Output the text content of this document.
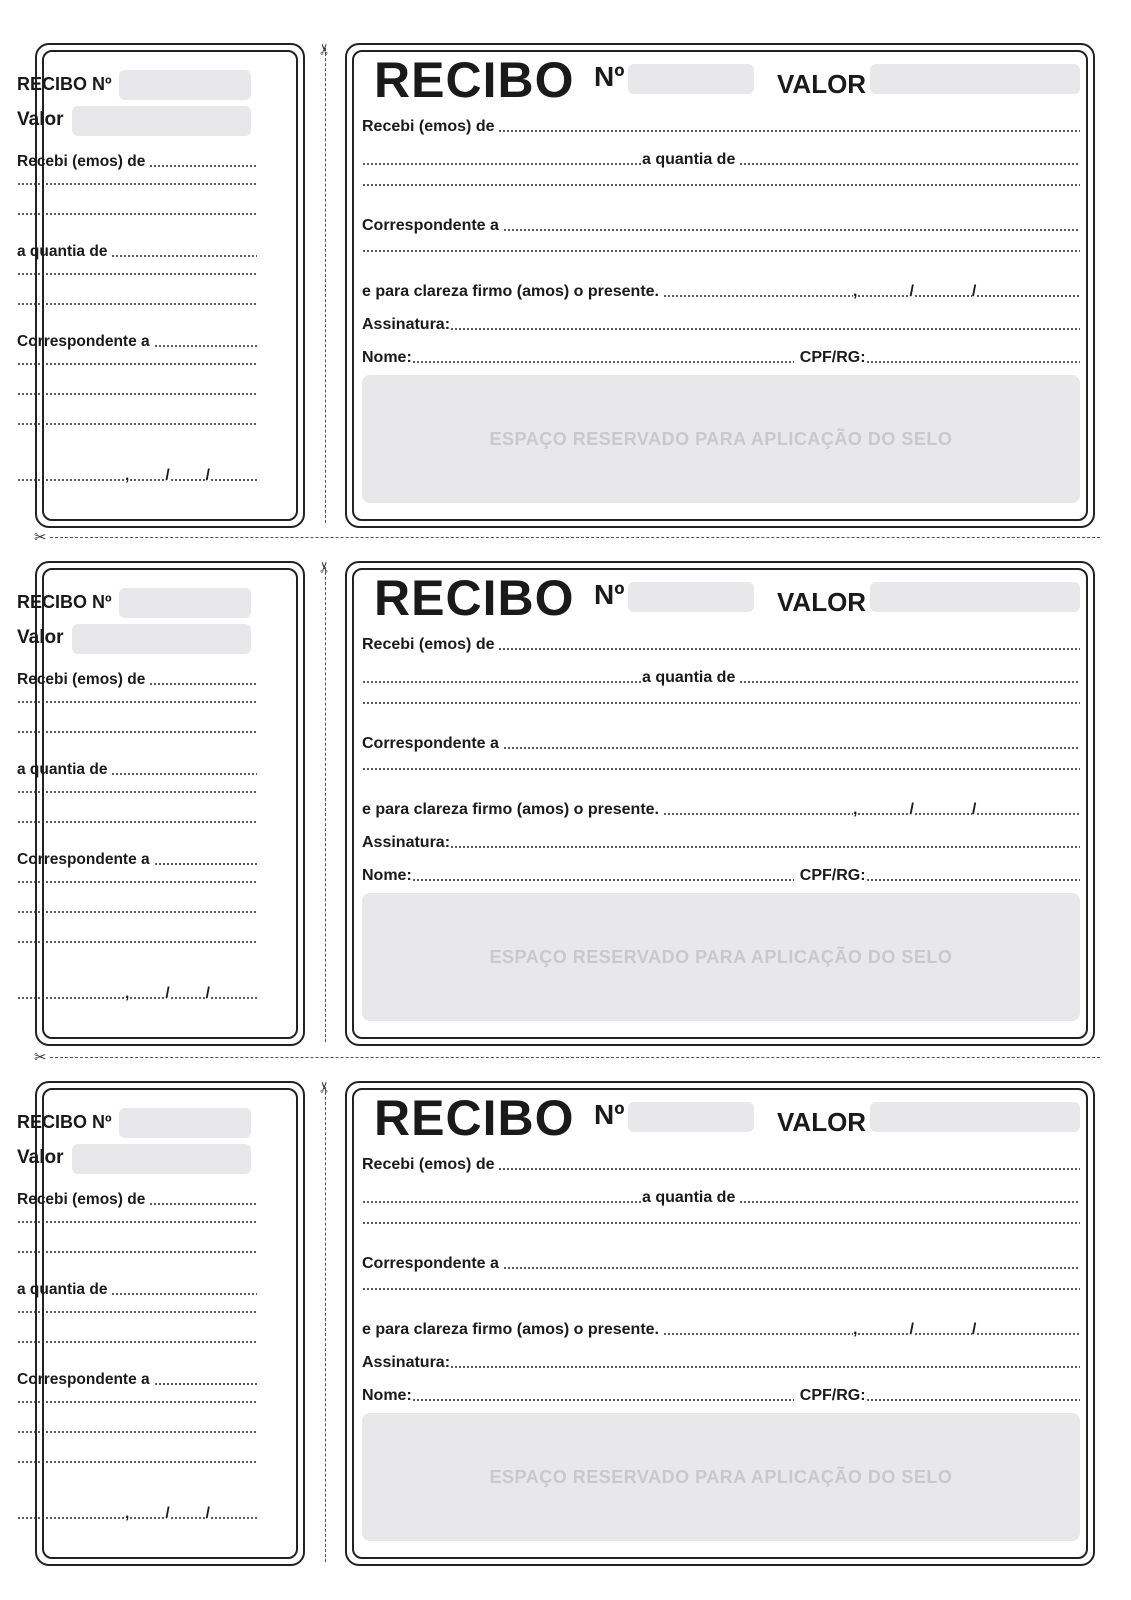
RECIBO Nº
Valor
Recebi (emos) de
a quantia de
Correspondente a
, / /
RECIBO Nº	VALOR
Recebi (emos) de
a quantia de
Correspondente a
e para clareza firmo (amos) o presente.	,	/	/
Assinatura:
Nome:	CPF/RG:
ESPAÇO RESERVADO PARA APLICAÇÃO DO SELO
RECIBO Nº
Valor
Recebi (emos) de
a quantia de
Correspondente a
, / /
RECIBO Nº	VALOR
Recebi (emos) de
a quantia de
Correspondente a
e para clareza firmo (amos) o presente.	,	/	/
Assinatura:
Nome:	CPF/RG:
ESPAÇO RESERVADO PARA APLICAÇÃO DO SELO
RECIBO Nº
Valor
Recebi (emos) de
a quantia de
Correspondente a
, / /
RECIBO Nº	VALOR
Recebi (emos) de
a quantia de
Correspondente a
e para clareza firmo (amos) o presente.	,	/	/
Assinatura:
Nome:	CPF/RG:
ESPAÇO RESERVADO PARA APLICAÇÃO DO SELO
✂
✂
✂
✂
✂
